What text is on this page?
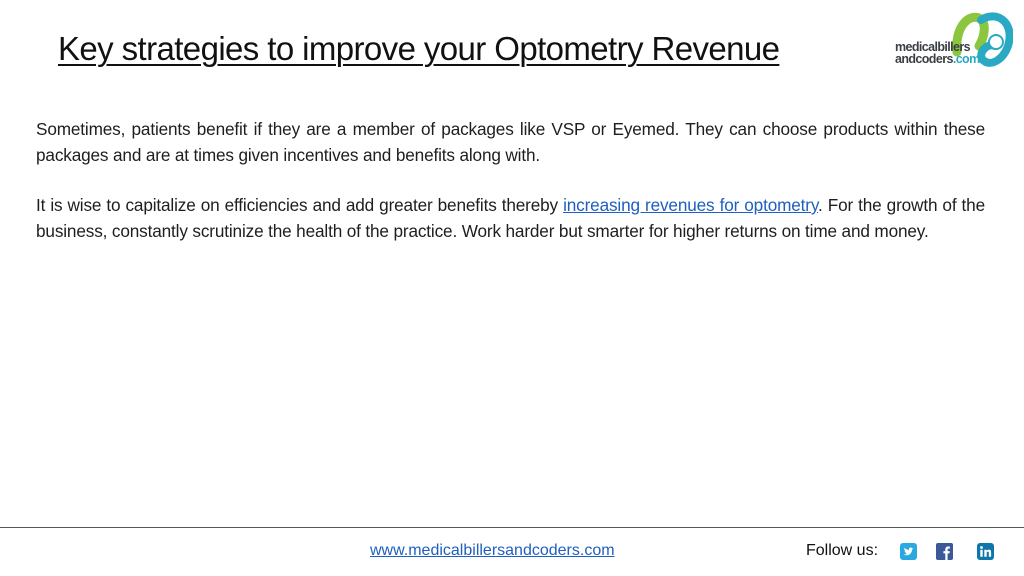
Key strategies to improve your Optometry Revenue	medicalbillers
andcoders.com

Sometimes, patients benefit if they are a member of packages like VSP or Eyemed. They can choose products within these packages and are at times given incentives and benefits along with.

It is wise to capitalize on efficiencies and add greater benefits thereby increasing revenues for optometry. For the growth of the business, constantly scrutinize the health of the practice. Work harder but smarter for higher returns on time and money.

www.medicalbillersandcoders.com	Follow us:
